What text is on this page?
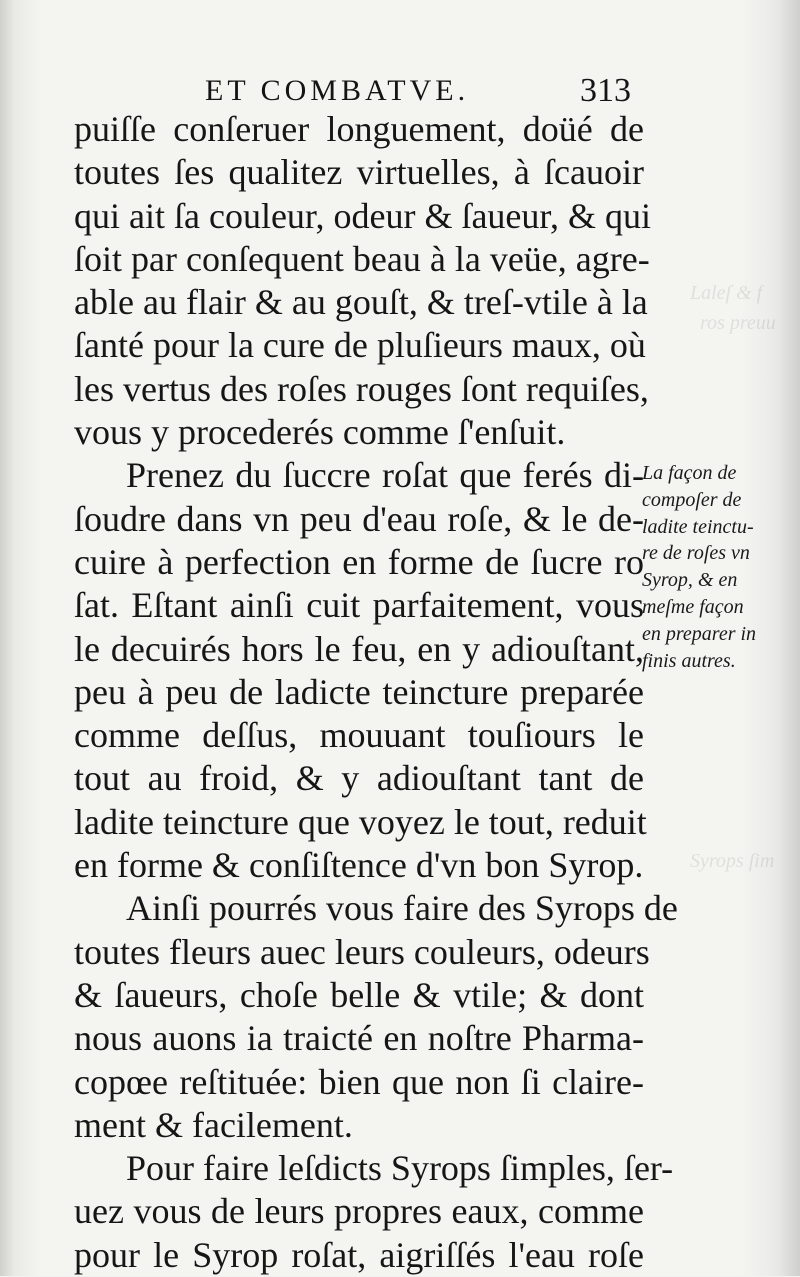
Laleſ & f
ros preuu
Syrops ſim
ET COMBATVE.	313
puiſſe conſeruer longuement, doüé de
toutes ſes qualitez virtuelles, à ſcauoir
qui ait ſa couleur, odeur & ſaueur, & qui
ſoit par conſequent beau à la veüe, agre-
able au flair & au gouſt, & treſ-vtile à la
ſanté pour la cure de pluſieurs maux, où
les vertus des roſes rouges ſont requiſes,
vous y procederés comme ſ'enſuit.
Prenez du ſuccre roſat que ferés di-
ſoudre dans vn peu d'eau roſe, & le de-
cuire à perfection en forme de ſucre ro
ſat. Eſtant ainſi cuit parfaitement, vous
le decuirés hors le feu, en y adiouſtant,
peu à peu de ladicte teincture preparée
comme deſſus, mouuant touſiours le
tout au froid, & y adiouſtant tant de
ladite teincture que voyez le tout, reduit
en forme & conſiſtence d'vn bon Syrop.
Ainſi pourrés vous faire des Syrops de
toutes fleurs auec leurs couleurs, odeurs
& ſaueurs, choſe belle & vtile; & dont
nous auons ia traicté en noſtre Pharma-
copœe reſtituée: bien que non ſi claire-
ment & facilement.
Pour faire leſdicts Syrops ſimples, ſer-
uez vous de leurs propres eaux, comme
pour le Syrop roſat, aigriſſés l'eau roſe
La façon de
compoſer de
ladite teinctu-
re de roſes vn
Syrop, & en
meſme façon
en preparer in
finis autres.
